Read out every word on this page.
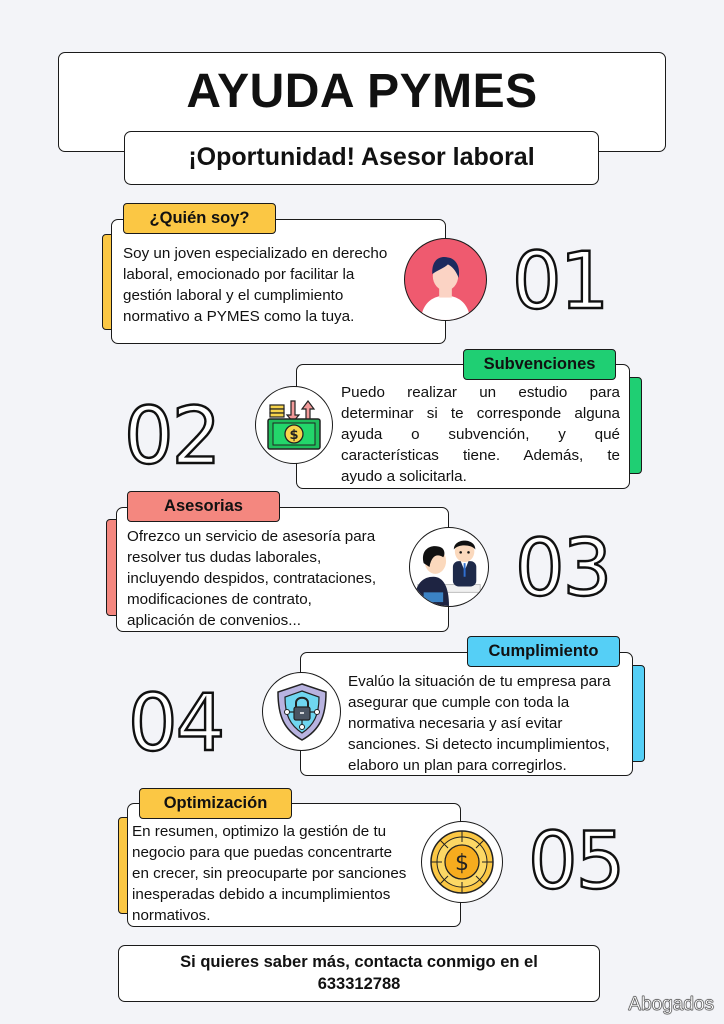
AYUDA PYMES
¡Oportunidad! Asesor laboral
¿Quién soy?
Soy un joven especializado en derecho
laboral, emocionado por facilitar la
gestión laboral y el cumplimiento
normativo a PYMES como la tuya.	01
Subvenciones
Puedo realizar un estudio para
determinar si te corresponde alguna
ayuda o subvención, y qué
características tiene. Además, te
ayudo a solicitarla.
$
02
Asesorias
Ofrezco un servicio de asesoría para
resolver tus dudas laborales,
incluyendo despidos, contrataciones,
modificaciones de contrato,
aplicación de convenios...
03
Cumplimiento
Evalúo la situación de tu empresa para
asegurar que cumple con toda la
normativa necesaria y así evitar
sanciones. Si detecto incumplimientos,
elaboro un plan para corregirlos.
04
Optimización
En resumen, optimizo la gestión de tu
negocio para que puedas concentrarte
en crecer, sin preocuparte por sanciones
inesperadas debido a incumplimientos
normativos.
$ 05
Si quieres saber más, contacta conmigo en el
633312788
Abogados
